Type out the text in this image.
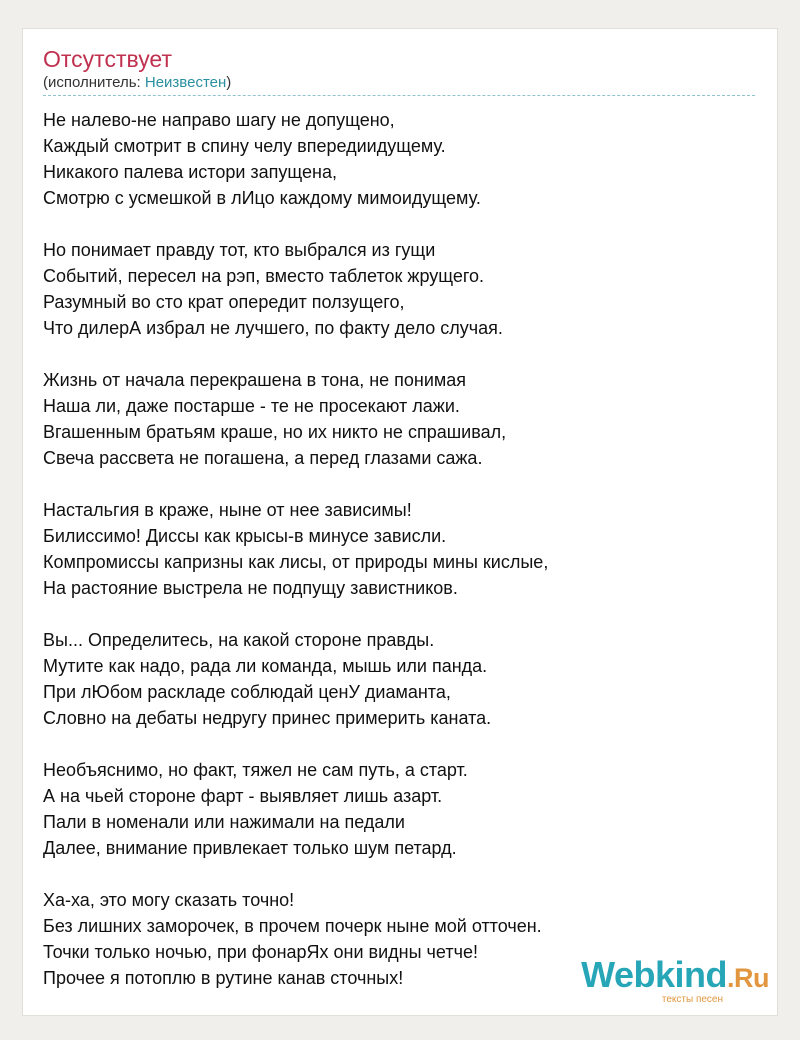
Отсутствует
(исполнитель: Неизвестен)
Не налево-не направо шагу не допущено,
Каждый смотрит в спину челу впередиидущему.
Никакого палева истори запущена,
Смотрю с усмешкой в лИцо каждому мимоидущему.
Но понимает правду тот, кто выбрался из гущи
Событий, пересел на рэп, вместо таблеток жрущего.
Разумный во сто крат опередит ползущего,
Что дилерА избрал не лучшего, по факту дело случая.
Жизнь от начала перекрашена в тона, не понимая
Наша ли, даже постарше - те не просекают лажи.
Вгашенным братьям краше, но их никто не спрашивал,
Свеча рассвета не погашена, а перед глазами сажа.
Настальгия в краже, ныне от нее зависимы!
Билиссимо! Диссы как крысы-в минусе зависли.
Компромиссы капризны как лисы, от природы мины кислые,
На растояние выстрела не подпущу завистников.
Вы... Определитесь, на какой стороне правды.
Мутите как надо, рада ли команда, мышь или панда.
При лЮбом раскладе соблюдай ценУ диаманта,
Словно на дебаты недругу принес примерить каната.
Необъяснимо, но факт, тяжел не сам путь, а старт.
А на чьей стороне фарт - выявляет лишь азарт.
Пали в номенали или нажимали на педали
Далее, внимание привлекает только шум петард.
Ха-ха, это могу сказать точно!
Без лишних заморочек, в прочем почерк ныне мой отточен.
Точки только ночью, при фонарЯх они видны четче!
Прочее я потоплю в рутине канав сточных!	Webkind.Ru
тексты песен
